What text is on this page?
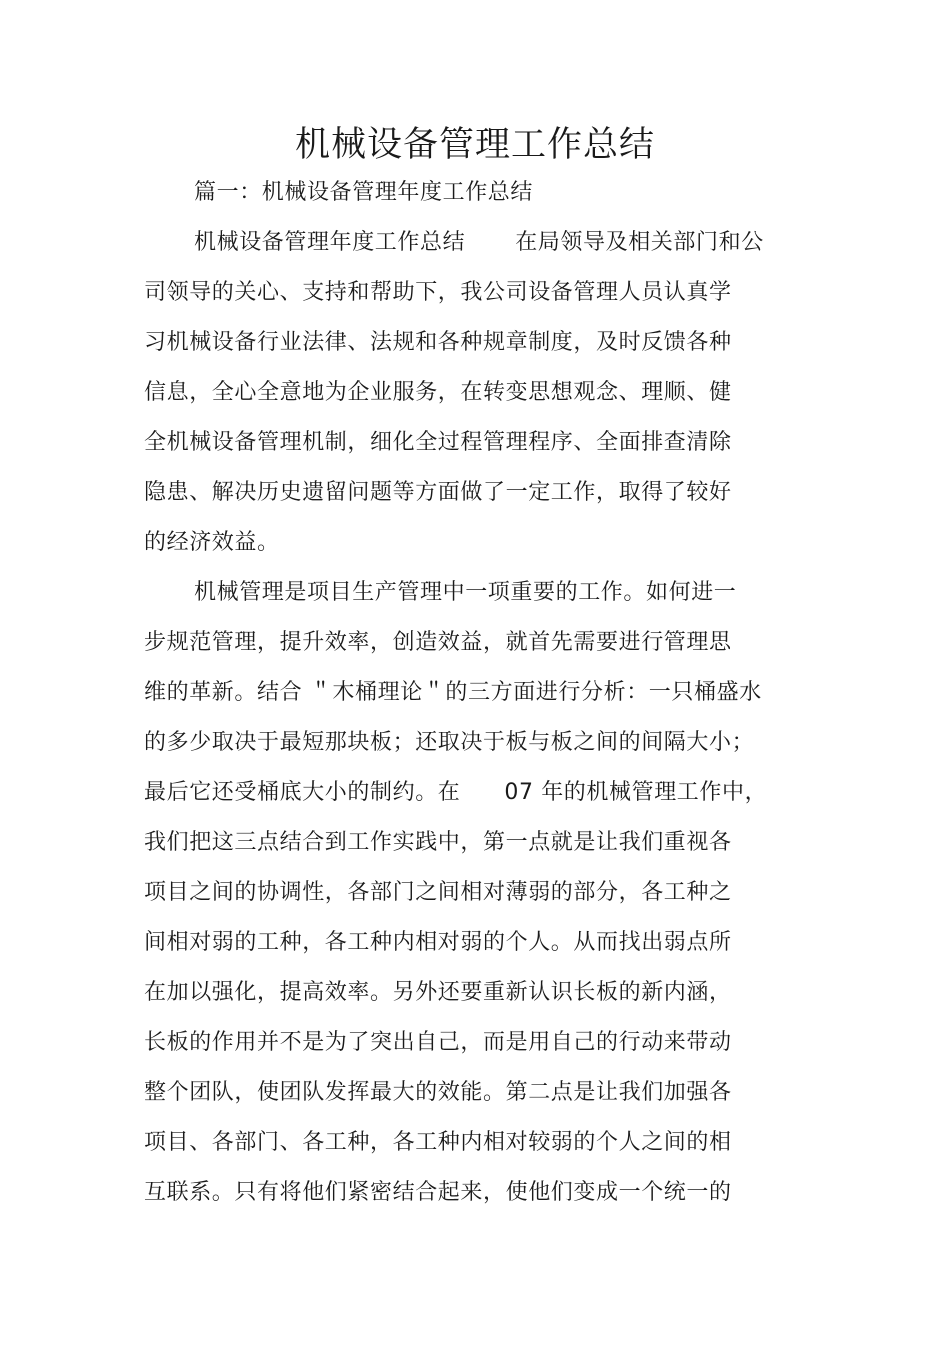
机械设备管理工作总结
篇一：机械设备管理年度工作总结
机械设备管理年度工作总结 在局领导及相关部门和公
司领导的关心、支持和帮助下，我公司设备管理人员认真学
习机械设备行业法律、法规和各种规章制度，及时反馈各种
信息，全心全意地为企业服务，在转变思想观念、理顺、健
全机械设备管理机制，细化全过程管理程序、全面排查清除
隐患、解决历史遗留问题等方面做了一定工作，取得了较好
的经济效益。
机械管理是项目生产管理中一项重要的工作。如何进一
步规范管理，提升效率，创造效益，就首先需要进行管理思
维的革新。结合 ＂木桶理论＂的三方面进行分析：一只桶盛水
的多少取决于最短那块板；还取决于板与板之间的间隔大小；
最后它还受桶底大小的制约。在 07 年的机械管理工作中，
我们把这三点结合到工作实践中，第一点就是让我们重视各
项目之间的协调性，各部门之间相对薄弱的部分，各工种之
间相对弱的工种，各工种内相对弱的个人。从而找出弱点所
在加以强化，提高效率。另外还要重新认识长板的新内涵，
长板的作用并不是为了突出自己，而是用自己的行动来带动
整个团队，使团队发挥最大的效能。第二点是让我们加强各
项目、各部门、各工种，各工种内相对较弱的个人之间的相
互联系。只有将他们紧密结合起来，使他们变成一个统一的
